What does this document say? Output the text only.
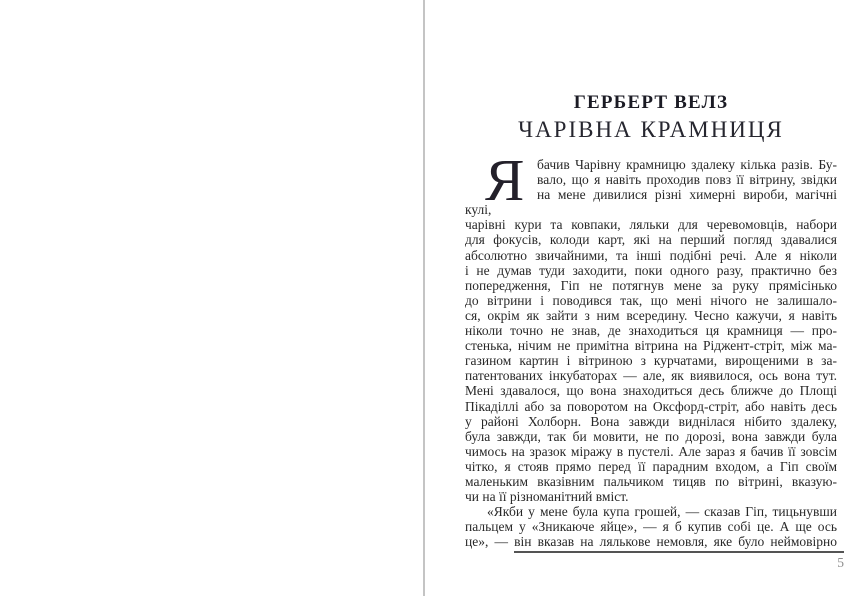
ГЕРБЕРТ ВЕЛЗ
ЧАРІВНА КРАМНИЦЯ
Я бачив Чарівну крамницю здалеку кілька разів. Бу-
вало, що я навіть проходив повз її вітрину, звідки
на мене дивилися різні химерні вироби, магічні кулі,
чарівні кури та ковпаки, ляльки для черевомовців, набори
для фокусів, колоди карт, які на перший погляд здавалися
абсолютно звичайними, та інші подібні речі. Але я ніколи
і не думав туди заходити, поки одного разу, практично без
попередження, Гіп не потягнув мене за руку прямісінько
до вітрини і поводився так, що мені нічого не залишало-
ся, окрім як зайти з ним всередину. Чесно кажучи, я навіть
ніколи точно не знав, де знаходиться ця крамниця — про-
стенька, нічим не примітна вітрина на Ріджент-стріт, між ма-
газином картин і вітриною з курчатами, вирощеними в за-
патентованих інкубаторах — але, як виявилося, ось вона тут.
Мені здавалося, що вона знаходиться десь ближче до Площі
Пікаділлі або за поворотом на Оксфорд-стріт, або навіть десь
у районі Холборн. Вона завжди виднілася нібито здалеку,
була завжди, так би мовити, не по дорозі, вона завжди була
чимось на зразок міражу в пустелі. Але зараз я бачив її зовсім
чітко, я стояв прямо перед її парадним входом, а Гіп своїм
маленьким вказівним пальчиком тицяв по вітрині, вказую-
чи на її різноманітний вміст.
«Якби у мене була купа грошей, — сказав Гіп, тицьнувши
пальцем у «Зникаюче яйце», — я б купив собі це. А ще ось
це», — він вказав на лялькове немовля, яке було неймовірно
5
